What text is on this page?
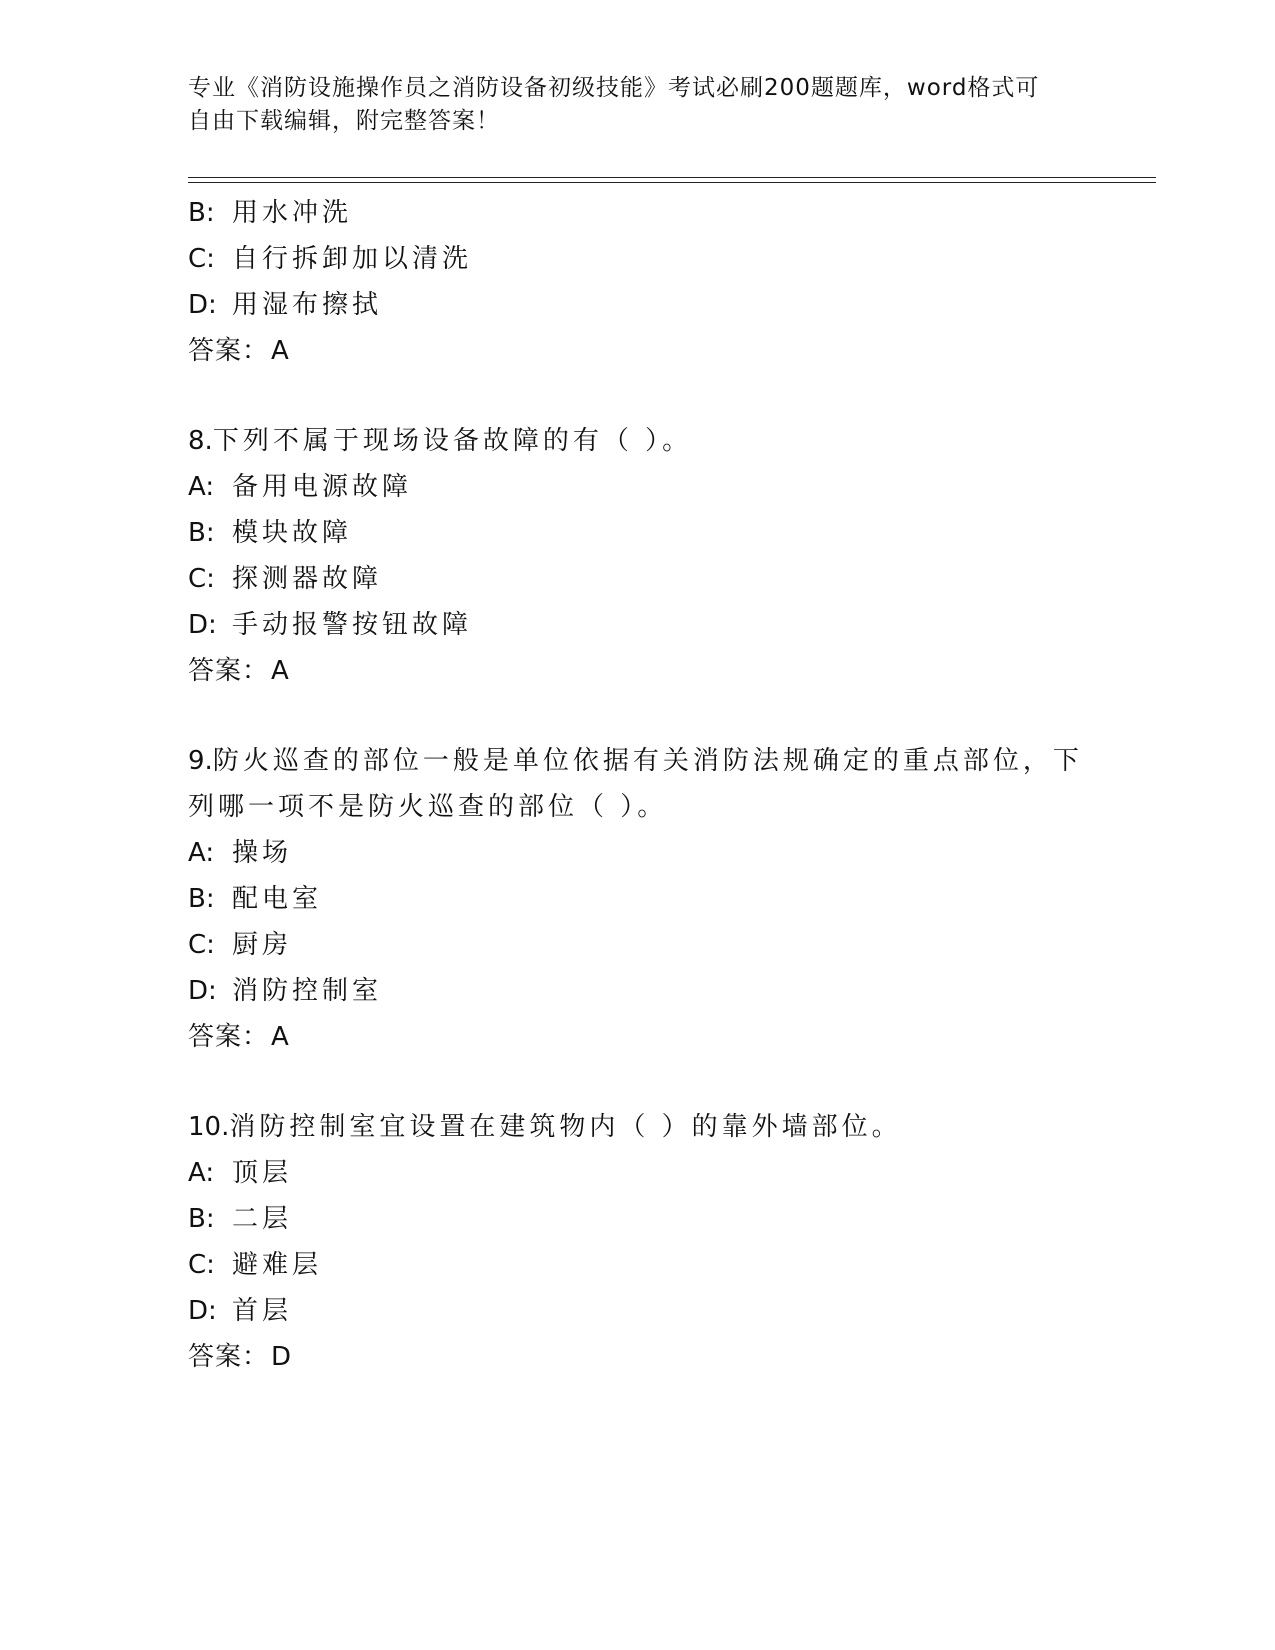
专业《消防设施操作员之消防设备初级技能》考试必刷200题题库，word格式可
自由下载编辑，附完整答案！
B: 用水冲洗
C: 自行拆卸加以清洗
D: 用湿布擦拭
答案：A
8.下列不属于现场设备故障的有（ ）。
A: 备用电源故障
B: 模块故障
C: 探测器故障
D: 手动报警按钮故障
答案：A
9.防火巡查的部位一般是单位依据有关消防法规确定的重点部位，下
列哪一项不是防火巡查的部位（ ）。
A: 操场
B: 配电室
C: 厨房
D: 消防控制室
答案：A
10.消防控制室宜设置在建筑物内（ ）的靠外墙部位。
A: 顶层
B: 二层
C: 避难层
D: 首层
答案：D
